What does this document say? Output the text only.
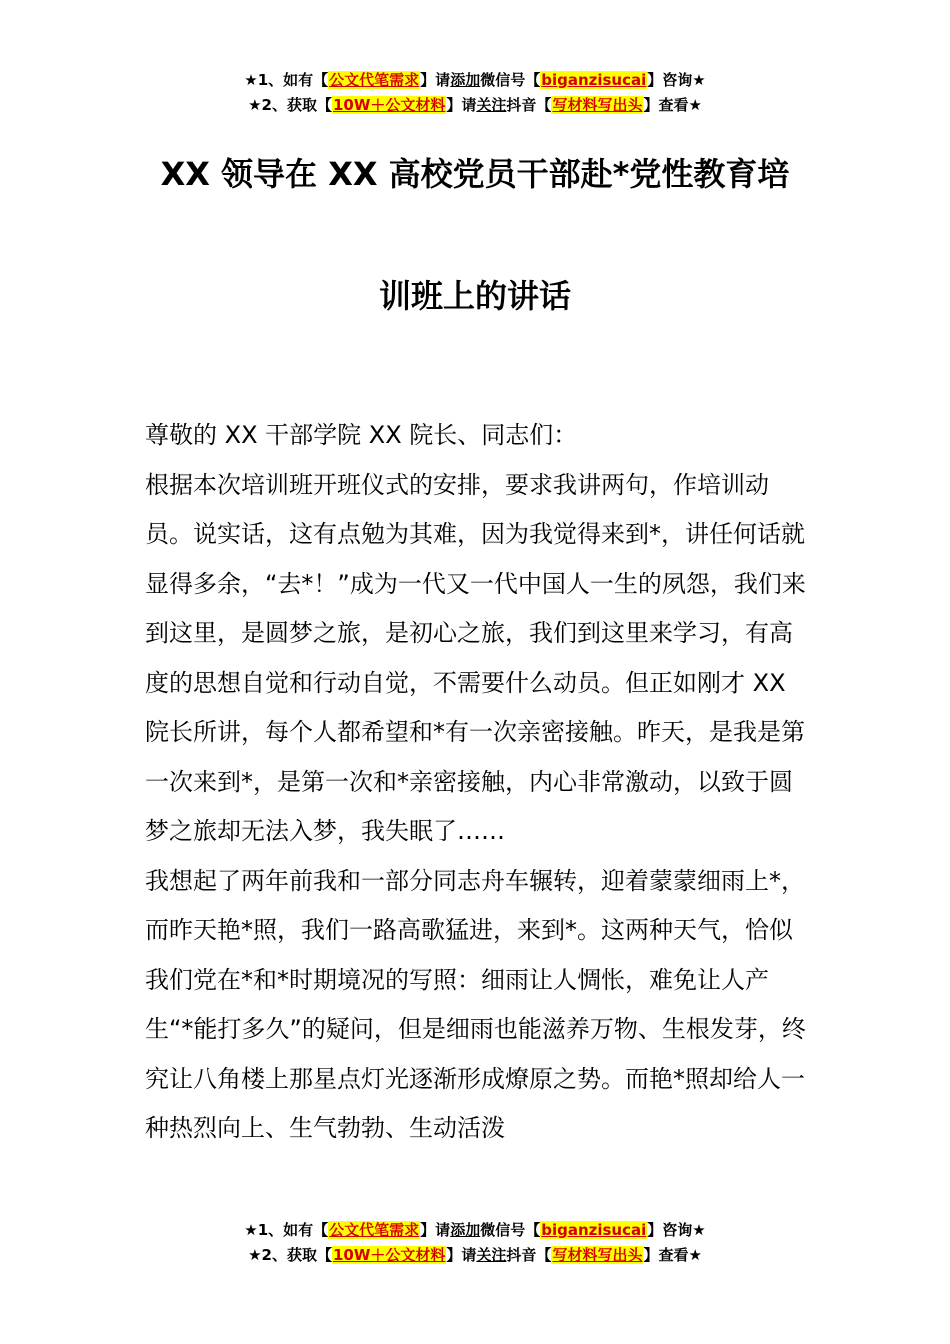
★1、如有【公文代笔需求】请添加微信号【biganzisucai】咨询★
★2、获取【10W＋公文材料】请关注抖音【写材料写出头】查看★
XX 领导在 XX 高校党员干部赴*党性教育培
训班上的讲话

尊敬的 XX 干部学院 XX 院长、同志们：

根据本次培训班开班仪式的安排，要求我讲两句，作培训动员。说实话，这有点勉为其难，因为我觉得来到*，讲任何话就显得多余，“去*！”成为一代又一代中国人一生的夙怨，我们来到这里，是圆梦之旅，是初心之旅，我们到这里来学习，有高度的思想自觉和行动自觉，不需要什么动员。但正如刚才 XX 院长所讲，每个人都希望和*有一次亲密接触。昨天，是我是第一次来到*，是第一次和*亲密接触，内心非常激动，以致于圆梦之旅却无法入梦，我失眠了……

我想起了两年前我和一部分同志舟车辗转，迎着蒙蒙细雨上*，而昨天艳*照，我们一路高歌猛进，来到*。这两种天气，恰似我们党在*和*时期境况的写照：细雨让人惆怅，难免让人产生“*能打多久”的疑问，但是细雨也能滋养万物、生根发芽，终究让八角楼上那星点灯光逐渐形成燎原之势。而艳*照却给人一种热烈向上、生气勃勃、生动活泼

★1、如有【公文代笔需求】请添加微信号【biganzisucai】咨询★
★2、获取【10W＋公文材料】请关注抖音【写材料写出头】查看★
